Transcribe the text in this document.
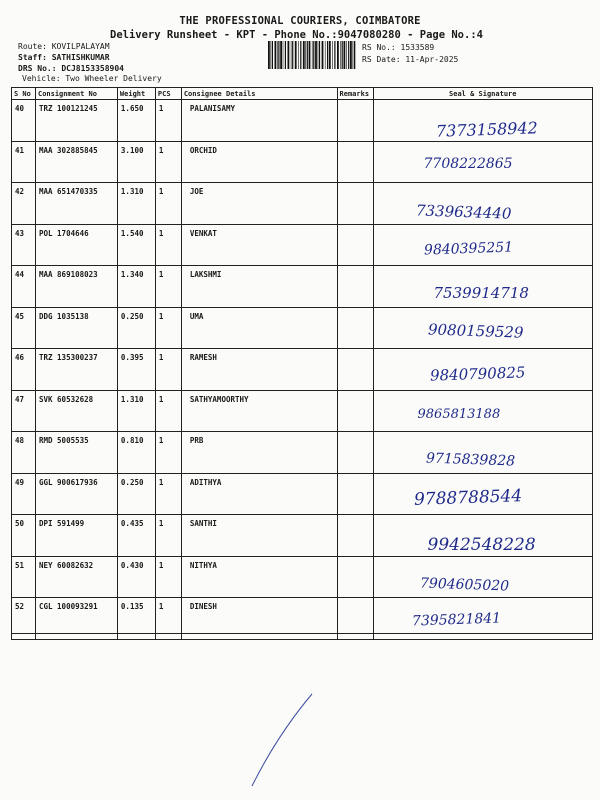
THE PROFESSIONAL COURIERS, COIMBATORE
Delivery Runsheet - KPT - Phone No.:9047080280 - Page No.:4
Route: KOVILPALAYAM
Staff: SATHISHKUMAR
DRS No.: DCJ8153358904
Vehicle: Two Wheeler Delivery
RS No.: 1533589
RS Date: 11-Apr-2025
S No	Consignment No	Weight	PCS	Consignee Details	Remarks	Seal & Signature
40	TRZ 100121245	1.650	1	PALANISAMY		7373158942

41	MAA 302885845	3.100	1	ORCHID		7708222865

42	MAA 651470335	1.310	1	JOE		7339634440

43	POL 1704646	1.540	1	VENKAT		9840395251

44	MAA 869108023	1.340	1	LAKSHMI		7539914718

45	DDG 1035138	0.250	1	UMA		9080159529

46	TRZ 135300237	0.395	1	RAMESH		9840790825

47	SVK 60532628	1.310	1	SATHYAMOORTHY		9865813188

48	RMD 5005535	0.810	1	PRB		9715839828

49	GGL 900617936	0.250	1	ADITHYA		9788788544

50	DPI 591499	0.435	1	SANTHI		9942548228

51	NEY 60082632	0.430	1	NITHYA		7904605020

52	CGL 100093291	0.135	1	DINESH		7395821841
